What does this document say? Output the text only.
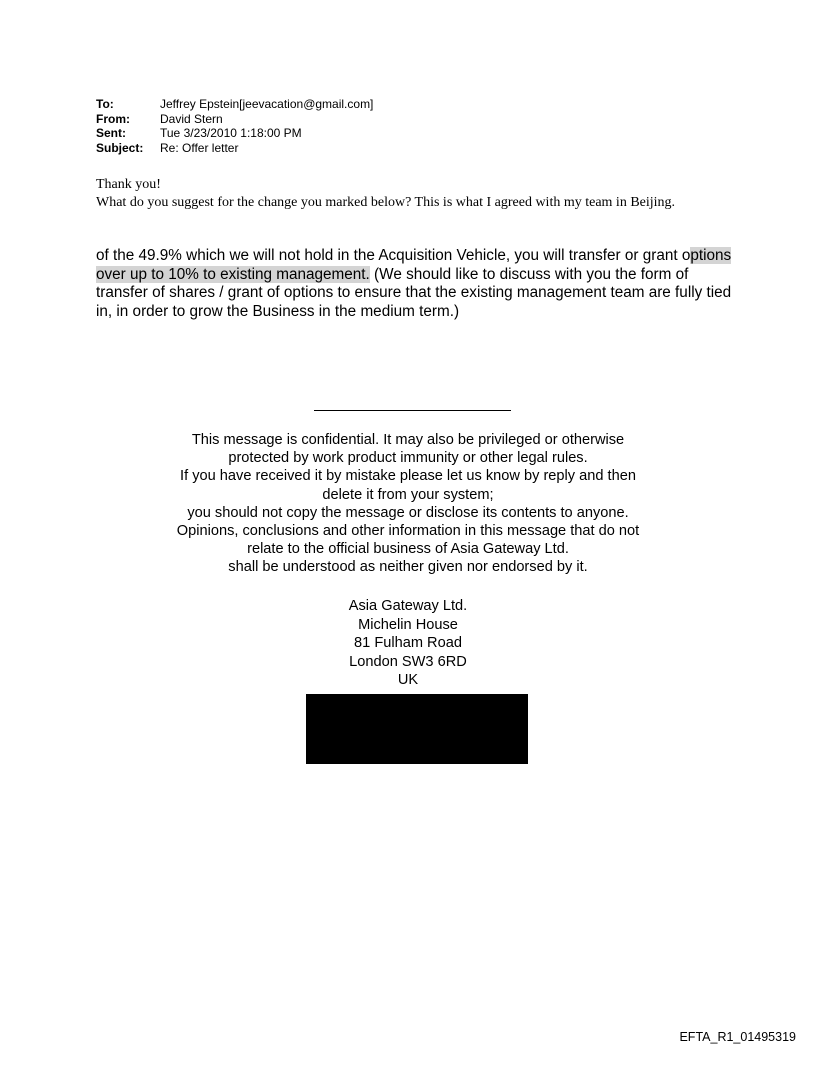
To:	Jeffrey Epstein[jeevacation@gmail.com]
From:	David Stern
Sent:	Tue 3/23/2010 1:18:00 PM
Subject:	Re: Offer letter
Thank you!
What do you suggest for the change you marked below? This is what I agreed with my team in Beijing.
of the 49.9% which we will not hold in the Acquisition Vehicle, you will transfer or grant options over up to 10% to existing management. (We should like to discuss with you the form of transfer of shares / grant of options to ensure that the existing management team are fully tied in, in order to grow the Business in the medium term.)
This message is confidential. It may also be privileged or otherwise
protected by work product immunity or other legal rules.
If you have received it by mistake please let us know by reply and then
delete it from your system;
you should not copy the message or disclose its contents to anyone.
Opinions, conclusions and other information in this message that do not
relate to the official business of Asia Gateway Ltd.
shall be understood as neither given nor endorsed by it.
Asia Gateway Ltd.
Michelin House
81 Fulham Road
London SW3 6RD
UK
EFTA_R1_01495319
